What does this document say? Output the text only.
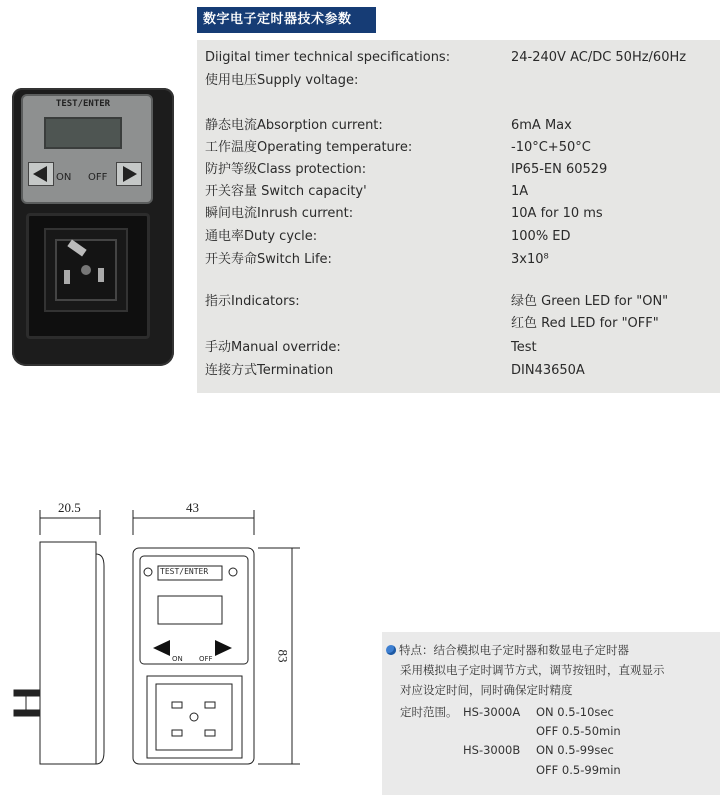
数字电子定时器技术参数
Diigital timer technical specifications:	24-240V AC/DC 50Hz/60Hz
使用电压Supply voltage:
静态电流Absorption current:	6mA Max
工作温度Operating temperature:	-10°C+50°C
防护等级Class protection:	IP65-EN 60529
开关容量 Switch capacity'	1A
瞬间电流Inrush current:	10A for 10 ms
通电率Duty cycle:	100% ED
开关寿命Switch Life:	3x10⁸
指示Indicators:	绿色 Green LED for "ON"
红色 Red LED for "OFF"
手动Manual override:	Test
连接方式Termination	DIN43650A
TEST/ENTER
ON OFF
20.5	43
83
TEST/ENTER
ON OFF
特点：结合模拟电子定时器和数显电子定时器
采用模拟电子定时调节方式，调节按钮时，直观显示
对应设定时间，同时确保定时精度
定时范围。 HS-3000A ON 0.5-10sec
OFF 0.5-50min
HS-3000B ON 0.5-99sec
OFF 0.5-99min
